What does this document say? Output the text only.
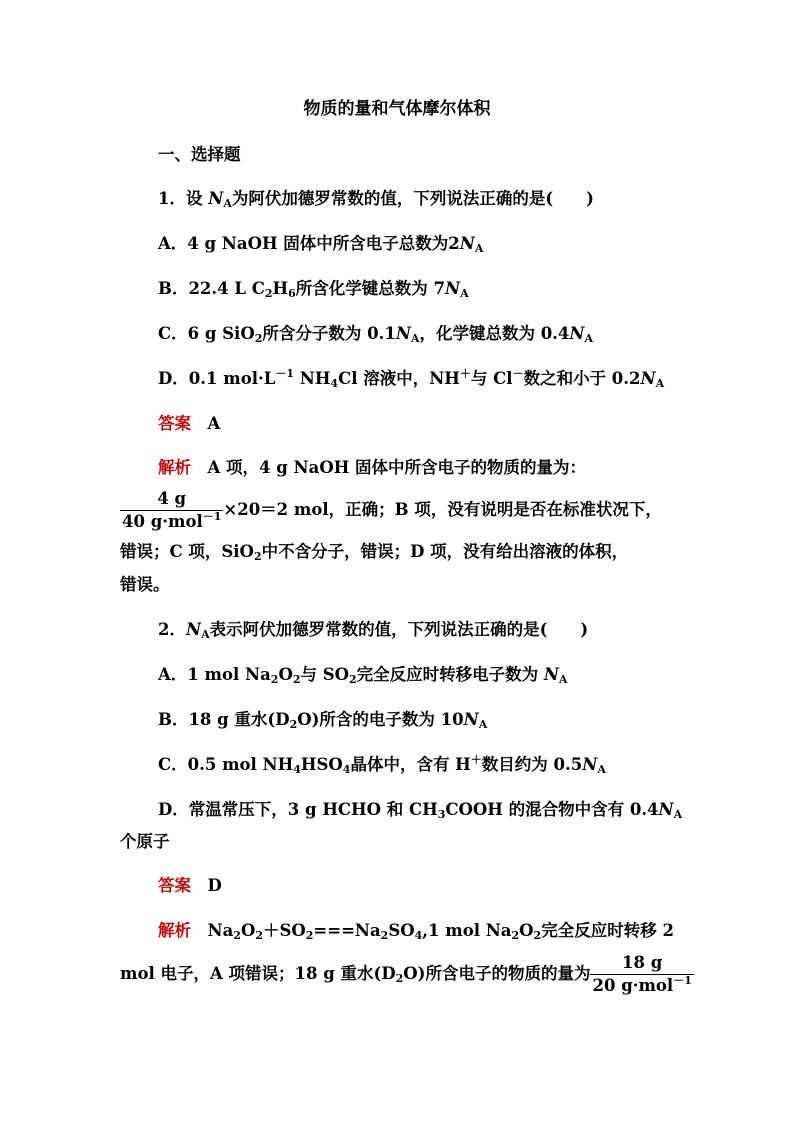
物质的量和气体摩尔体积
一、选择题
1．设 $N_A$为阿伏加德罗常数的值，下列说法正确的是(　　)
A．4 g NaOH 固体中所含电子总数为$2N_A$
B．22.4 L $C_2H_6$所含化学键总数为 $7N_A$
C．6 g SiO$_2$所含分子数为 $0.1N_A$，化学键总数为 $0.4N_A$
D．0.1 $mol\cdot L^{-1}$ $NH_4Cl$ 溶液中，NH＋与 Cl－数之和小于 $0.2N_A$
答案　 A
解析　 A 项，4 g NaOH 固体中所含电子的物质的量为：
$\frac{4 g}{40 g\cdot mol^{-1}} \times 20=2$ mol，正确；B 项，没有说明是否在标准状况下，
错误；C 项，SiO$_2$中不含分子，错误；D 项，没有给出溶液的体积，
错误。
2．$N_A$表示阿伏加德罗常数的值，下列说法正确的是(　　)
A．1 mol $Na_2O_2$与 $SO_2$完全反应时转移电子数为 $N_A$
B．18 g 重水$(D_2O)$所含的电子数为 $10N_A$
C．0.5 mol $NH_4HSO_4$晶体中，含有 H＋数目约为 $0.5N_A$
D．常温常压下，3 g HCHO 和 $CH_3COOH$ 的混合物中含有 $0.4N_A$
个原子
答案　 D
解析　 $Na_2O_2+SO_2===Na_2SO_4,1$ mol $Na_2O_2$完全反应时转移 2
mol 电子，A 项错误；18 g 重水$(D_2O)$所含电子的物质的量为 $\frac{18 g}{20 g\cdot mol^{-1}}$
